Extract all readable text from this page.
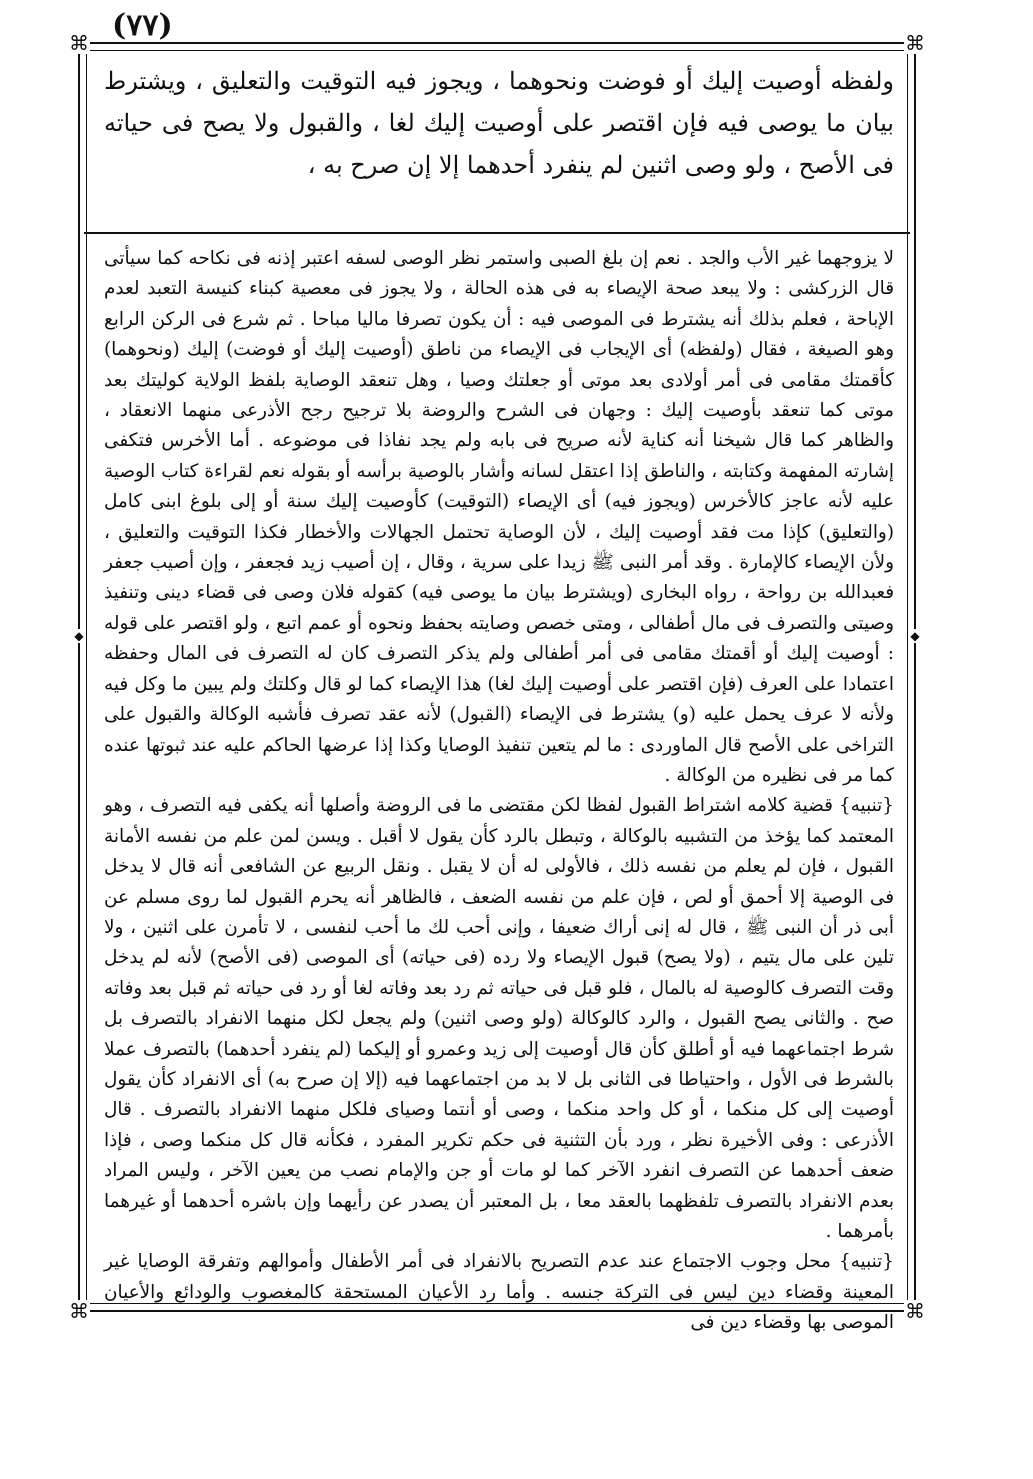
(٧٧)
⌘	⌘
⌘	⌘
◆	◆
ولفظه أوصيت إليك أو فوضت ونحوهما ، ويجوز فيه التوقيت والتعليق ، ويشترط بيان ما يوصى فيه فإن اقتصر على أوصيت إليك لغا ، والقبول ولا يصح فى حياته فى الأصح ، ولو وصى اثنين لم ينفرد أحدهما إلا إن صرح به ،

لا يزوجهما غير الأب والجد . نعم إن بلغ الصبى واستمر نظر الوصى لسفه اعتبر إذنه فى نكاحه كما سيأتى قال الزركشى : ولا يبعد صحة الإيصاء به فى هذه الحالة ، ولا يجوز فى معصية كبناء كنيسة التعبد لعدم الإباحة ، فعلم بذلك أنه يشترط فى الموصى فيه : أن يكون تصرفا ماليا مباحا . ثم شرع فى الركن الرابع وهو الصيغة ، فقال (ولفظه) أى الإيجاب فى الإيصاء من ناطق (أوصيت إليك أو فوضت) إليك (ونحوهما) كأقمتك مقامى فى أمر أولادى بعد موتى أو جعلتك وصيا ، وهل تنعقد الوصاية بلفظ الولاية كوليتك بعد موتى كما تنعقد بأوصيت إليك : وجهان فى الشرح والروضة بلا ترجيح رجح الأذرعى منهما الانعقاد ، والظاهر كما قال شيخنا أنه كناية لأنه صريح فى بابه ولم يجد نفاذا فى موضوعه . أما الأخرس فتكفى إشارته المفهمة وكتابته ، والناطق إذا اعتقل لسانه وأشار بالوصية برأسه أو بقوله نعم لقراءة كتاب الوصية عليه لأنه عاجز كالأخرس (ويجوز فيه) أى الإيصاء (التوقيت) كأوصيت إليك سنة أو إلى بلوغ ابنى كامل (والتعليق) كإذا مت فقد أوصيت إليك ، لأن الوصاية تحتمل الجهالات والأخطار فكذا التوقيت والتعليق ، ولأن الإيصاء كالإمارة . وقد أمر النبى ﷺ زيدا على سرية ، وقال ، إن أصيب زيد فجعفر ، وإن أصيب جعفر فعبدالله بن رواحة ، رواه البخارى (ويشترط بيان ما يوصى فيه) كقوله فلان وصى فى قضاء دينى وتنفيذ وصيتى والتصرف فى مال أطفالى ، ومتى خصص وصايته بحفظ ونحوه أو عمم اتبع ، ولو اقتصر على قوله : أوصيت إليك أو أقمتك مقامى فى أمر أطفالى ولم يذكر التصرف كان له التصرف فى المال وحفظه اعتمادا على العرف (فإن اقتصر على أوصيت إليك لغا) هذا الإيصاء كما لو قال وكلتك ولم يبين ما وكل فيه ولأنه لا عرف يحمل عليه (و) يشترط فى الإيصاء (القبول) لأنه عقد تصرف فأشبه الوكالة والقبول على التراخى على الأصح قال الماوردى : ما لم يتعين تنفيذ الوصايا وكذا إذا عرضها الحاكم عليه عند ثبوتها عنده كما مر فى نظيره من الوكالة .

{تنبيه} قضية كلامه اشتراط القبول لفظا لكن مقتضى ما فى الروضة وأصلها أنه يكفى فيه التصرف ، وهو المعتمد كما يؤخذ من التشبيه بالوكالة ، وتبطل بالرد كأن يقول لا أقبل . ويسن لمن علم من نفسه الأمانة القبول ، فإن لم يعلم من نفسه ذلك ، فالأولى له أن لا يقبل . ونقل الربيع عن الشافعى أنه قال لا يدخل فى الوصية إلا أحمق أو لص ، فإن علم من نفسه الضعف ، فالظاهر أنه يحرم القبول لما روى مسلم عن أبى ذر أن النبى ﷺ ، قال له إنى أراك ضعيفا ، وإنى أحب لك ما أحب لنفسى ، لا تأمرن على اثنين ، ولا تلين على مال يتيم ، (ولا يصح) قبول الإيصاء ولا رده (فى حياته) أى الموصى (فى الأصح) لأنه لم يدخل وقت التصرف كالوصية له بالمال ، فلو قبل فى حياته ثم رد بعد وفاته لغا أو رد فى حياته ثم قبل بعد وفاته صح . والثانى يصح القبول ، والرد كالوكالة (ولو وصى اثنين) ولم يجعل لكل منهما الانفراد بالتصرف بل شرط اجتماعهما فيه أو أطلق كأن قال أوصيت إلى زيد وعمرو أو إليكما (لم ينفرد أحدهما) بالتصرف عملا بالشرط فى الأول ، واحتياطا فى الثانى بل لا بد من اجتماعهما فيه (إلا إن صرح به) أى الانفراد كأن يقول أوصيت إلى كل منكما ، أو كل واحد منكما ، وصى أو أنتما وصياى فلكل منهما الانفراد بالتصرف . قال الأذرعى : وفى الأخيرة نظر ، ورد بأن التثنية فى حكم تكرير المفرد ، فكأنه قال كل منكما وصى ، فإذا ضعف أحدهما عن التصرف انفرد الآخر كما لو مات أو جن والإمام نصب من يعين الآخر ، وليس المراد بعدم الانفراد بالتصرف تلفظهما بالعقد معا ، بل المعتبر أن يصدر عن رأيهما وإن باشره أحدهما أو غيرهما بأمرهما .

{تنبيه} محل وجوب الاجتماع عند عدم التصريح بالانفراد فى أمر الأطفال وأموالهم وتفرقة الوصايا غير المعينة وقضاء دين ليس فى التركة جنسه . وأما رد الأعيان المستحقة كالمغصوب والودائع والأعيان الموصى بها وقضاء دين فى
